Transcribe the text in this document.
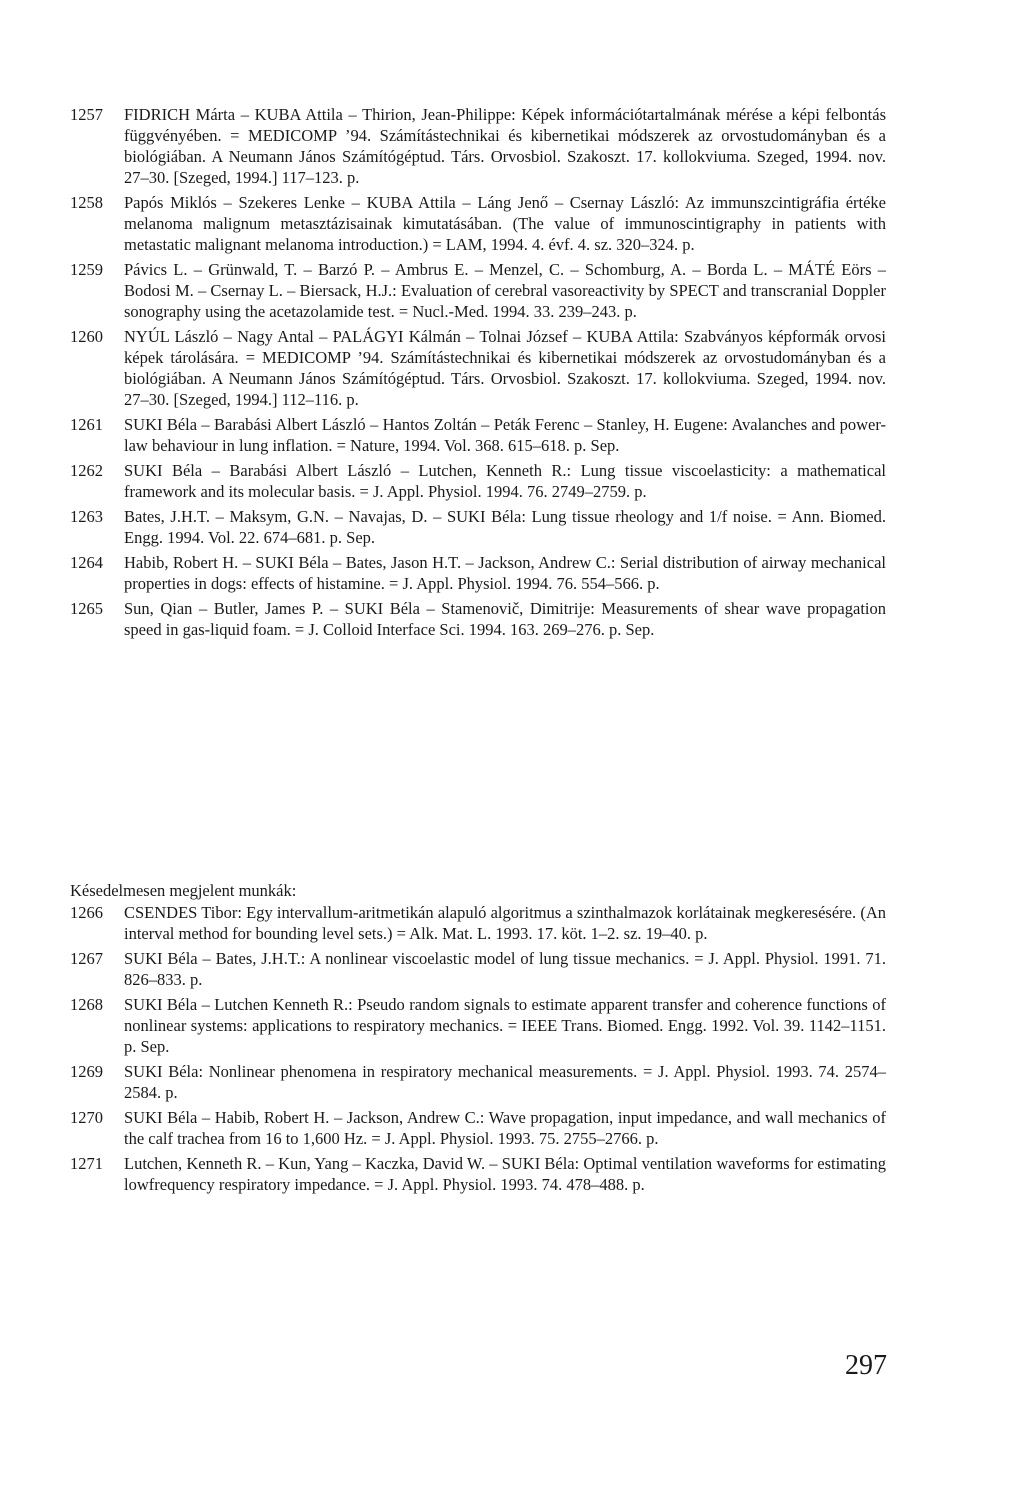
1257	FIDRICH Márta – KUBA Attila – Thirion, Jean-Philippe: Képek információtartalmának mérése a képi felbontás függvényében. = MEDICOMP ’94. Számítástechnikai és kibernetikai módszerek az orvostudományban és a biológiában. A Neumann János Számítógéptud. Társ. Orvosbiol. Szakoszt. 17. kollokviuma. Szeged, 1994. nov. 27–30. [Szeged, 1994.] 117–123. p.
1258	Papós Miklós – Szekeres Lenke – KUBA Attila – Láng Jenő – Csernay László: Az immunszcintigráfia értéke melanoma malignum metasztázisainak kimutatásában. (The value of immunoscintigraphy in patients with metastatic malignant melanoma introduction.) = LAM, 1994. 4. évf. 4. sz. 320–324. p.
1259	Pávics L. – Grünwald, T. – Barzó P. – Ambrus E. – Menzel, C. – Schomburg, A. – Borda L. – MÁTÉ Eörs – Bodosi M. – Csernay L. – Biersack, H.J.: Evaluation of cerebral vasoreactivity by SPECT and transcranial Doppler sonography using the acetazolamide test. = Nucl.-Med. 1994. 33. 239–243. p.
1260	NYÚL László – Nagy Antal – PALÁGYI Kálmán – Tolnai József – KUBA Attila: Szabványos képformák orvosi képek tárolására. = MEDICOMP ’94. Számítástechnikai és kibernetikai módszerek az orvostudományban és a biológiában. A Neumann János Számítógéptud. Társ. Orvosbiol. Szakoszt. 17. kollokviuma. Szeged, 1994. nov. 27–30. [Szeged, 1994.] 112–116. p.
1261	SUKI Béla – Barabási Albert László – Hantos Zoltán – Peták Ferenc – Stanley, H. Eugene: Avalanches and power-law behaviour in lung inflation. = Nature, 1994. Vol. 368. 615–618. p. Sep.
1262	SUKI Béla – Barabási Albert László – Lutchen, Kenneth R.: Lung tissue viscoelasticity: a mathematical framework and its molecular basis. = J. Appl. Physiol. 1994. 76. 2749–2759. p.
1263	Bates, J.H.T. – Maksym, G.N. – Navajas, D. – SUKI Béla: Lung tissue rheology and 1/f noise. = Ann. Biomed. Engg. 1994. Vol. 22. 674–681. p. Sep.
1264	Habib, Robert H. – SUKI Béla – Bates, Jason H.T. – Jackson, Andrew C.: Serial distribution of airway mechanical properties in dogs: effects of histamine. = J. Appl. Physiol. 1994. 76. 554–566. p.
1265	Sun, Qian – Butler, James P. – SUKI Béla – Stamenovič, Dimitrije: Measurements of shear wave propagation speed in gas-liquid foam. = J. Colloid Interface Sci. 1994. 163. 269–276. p. Sep.
Késedelmesen megjelent munkák:
1266	CSENDES Tibor: Egy intervallum-aritmetikán alapuló algoritmus a szinthalmazok korlátainak megkeresésére. (An interval method for bounding level sets.) = Alk. Mat. L. 1993. 17. köt. 1–2. sz. 19–40. p.
1267	SUKI Béla – Bates, J.H.T.: A nonlinear viscoelastic model of lung tissue mechanics. = J. Appl. Physiol. 1991. 71. 826–833. p.
1268	SUKI Béla – Lutchen Kenneth R.: Pseudo random signals to estimate apparent transfer and coherence functions of nonlinear systems: applications to respiratory mechanics. = IEEE Trans. Biomed. Engg. 1992. Vol. 39. 1142–1151. p. Sep.
1269	SUKI Béla: Nonlinear phenomena in respiratory mechanical measurements. = J. Appl. Physiol. 1993. 74. 2574–2584. p.
1270	SUKI Béla – Habib, Robert H. – Jackson, Andrew C.: Wave propagation, input impedance, and wall mechanics of the calf trachea from 16 to 1,600 Hz. = J. Appl. Physiol. 1993. 75. 2755–2766. p.
1271	Lutchen, Kenneth R. – Kun, Yang – Kaczka, David W. – SUKI Béla: Optimal ventilation waveforms for estimating lowfrequency respiratory impedance. = J. Appl. Physiol. 1993. 74. 478–488. p.
297
